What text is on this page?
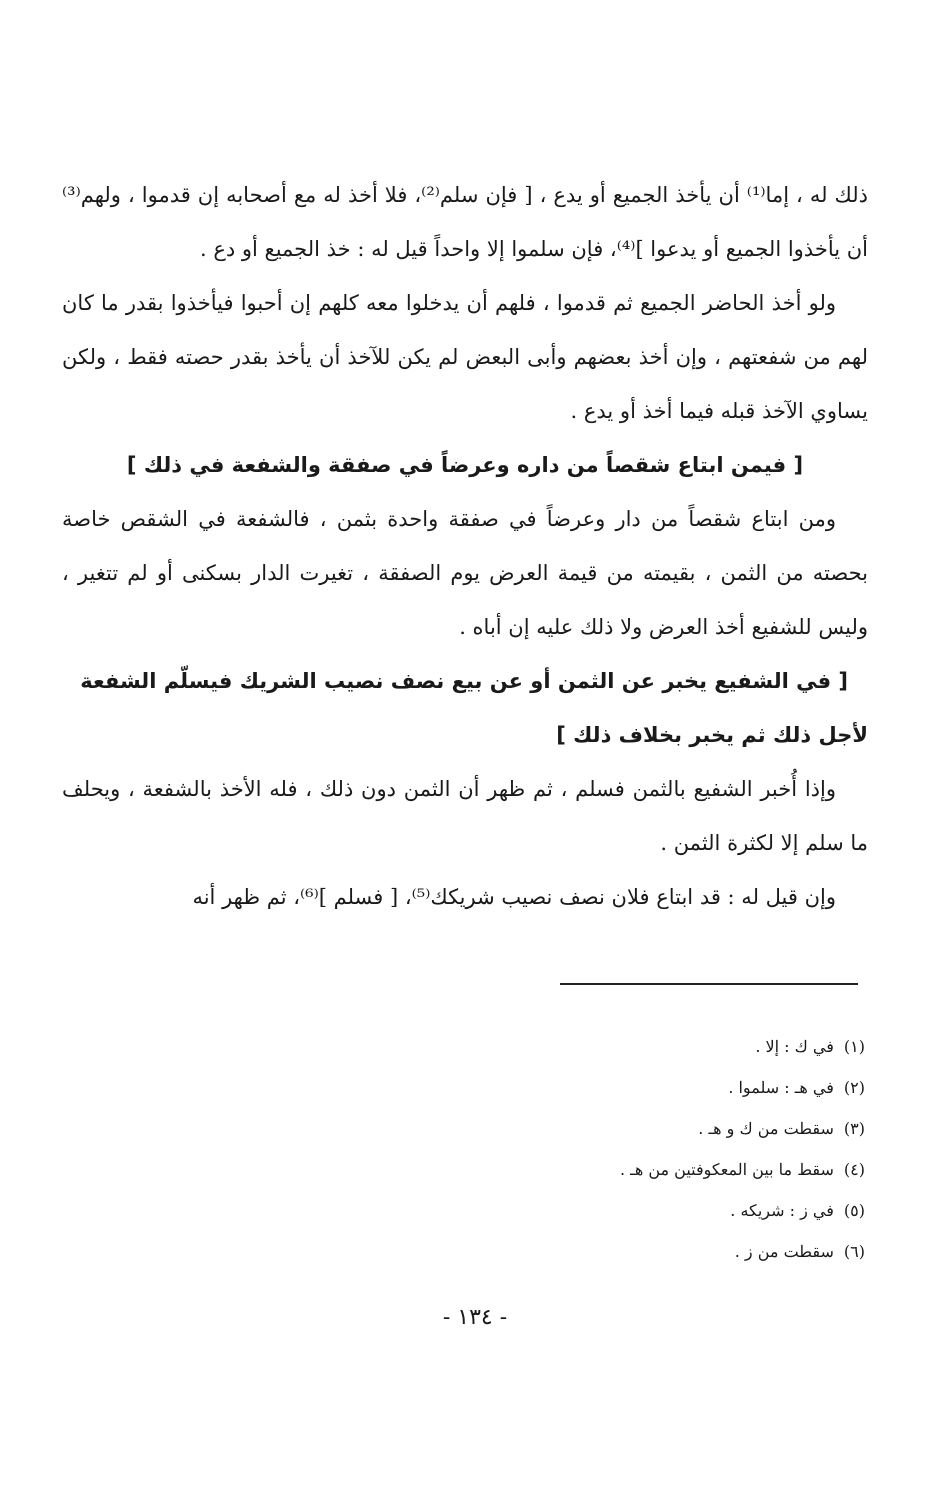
ذلك له ، إما⁽¹⁾ أن يأخذ الجميع أو يدع ، [ فإن سلم⁽²⁾، فلا أخذ له مع أصحابه إن قدموا ، ولهم⁽³⁾ أن يأخذوا الجميع أو يدعوا ]⁽⁴⁾، فإن سلموا إلا واحداً قيل له : خذ الجميع أو دع .

ولو أخذ الحاضر الجميع ثم قدموا ، فلهم أن يدخلوا معه كلهم إن أحبوا فيأخذوا بقدر ما كان لهم من شفعتهم ، وإن أخذ بعضهم وأبى البعض لم يكن للآخذ أن يأخذ بقدر حصته فقط ، ولكن يساوي الآخذ قبله فيما أخذ أو يدع .

[ فيمن ابتاع شقصاً من داره وعرضاً في صفقة والشفعة في ذلك ]

ومن ابتاع شقصاً من دار وعرضاً في صفقة واحدة بثمن ، فالشفعة في الشقص خاصة بحصته من الثمن ، بقيمته من قيمة العرض يوم الصفقة ، تغيرت الدار بسكنى أو لم تتغير ، وليس للشفيع أخذ العرض ولا ذلك عليه إن أباه .

[ في الشفيع يخبر عن الثمن أو عن بيع نصف نصيب الشريك فيسلّم الشفعة لأجل ذلك ثم يخبر بخلاف ذلك ]

وإذا أُخبر الشفيع بالثمن فسلم ، ثم ظهر أن الثمن دون ذلك ، فله الأخذ بالشفعة ، ويحلف ما سلم إلا لكثرة الثمن .

وإن قيل له : قد ابتاع فلان نصف نصيب شريكك⁽⁵⁾، [ فسلم ]⁽⁶⁾، ثم ظهر أنه

(١)في ك : إلا .
(٢)في هـ : سلموا .
(٣)سقطت من ك و هـ .
(٤)سقط ما بين المعكوفتين من هـ .
(٥)في ز : شريكه .
(٦)سقطت من ز .
- ١٣٤ -
